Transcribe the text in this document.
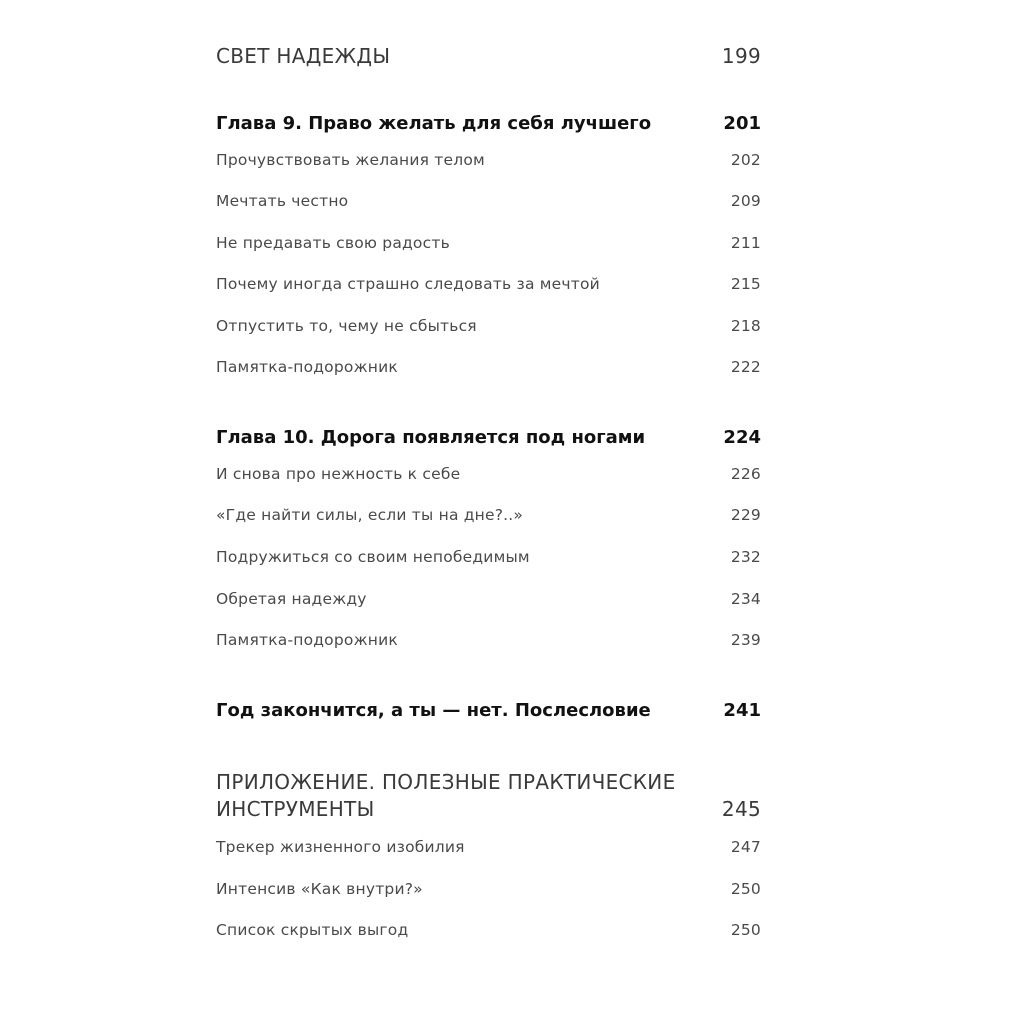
СВЕТ НАДЕЖДЫ	199
Глава 9. Право желать для себя лучшего	201
Прочувствовать желания телом	202
Мечтать честно	209
Не предавать свою радость	211
Почему иногда страшно следовать за мечтой	215
Отпустить то, чему не сбыться	218
Памятка-подорожник	222
Глава 10. Дорога появляется под ногами	224
И снова про нежность к себе	226
«Где найти силы, если ты на дне?..»	229
Подружиться со своим непобедимым	232
Обретая надежду	234
Памятка-подорожник	239
Год закончится, а ты — нет. Послесловие	241
ПРИЛОЖЕНИЕ. ПОЛЕЗНЫЕ ПРАКТИЧЕСКИЕ
ИНСТРУМЕНТЫ	245
Трекер жизненного изобилия	247
Интенсив «Как внутри?»	250
Список скрытых выгод	250
